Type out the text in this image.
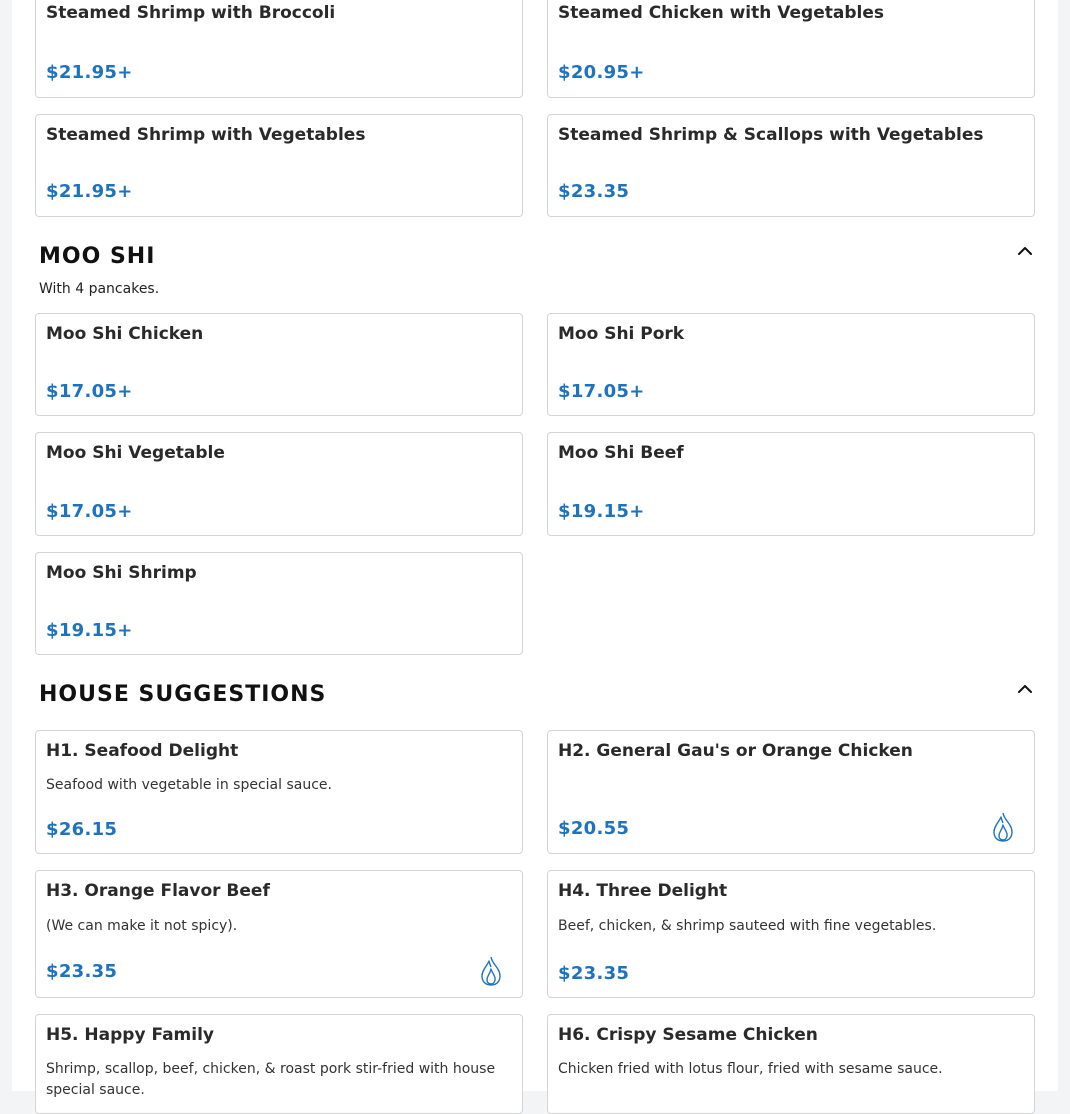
Steamed Shrimp with Broccoli
$21.95+
Steamed Chicken with Vegetables
$20.95+
Steamed Shrimp with Vegetables
$21.95+
Steamed Shrimp & Scallops with Vegetables
$23.35
MOO SHI
With 4 pancakes.
Moo Shi Chicken
$17.05+
Moo Shi Pork
$17.05+
Moo Shi Vegetable
$17.05+
Moo Shi Beef
$19.15+
Moo Shi Shrimp
$19.15+
HOUSE SUGGESTIONS
H1. Seafood Delight
Seafood with vegetable in special sauce.
$26.15
H2. General Gau's or Orange Chicken
$20.55
H3. Orange Flavor Beef
(We can make it not spicy).
$23.35
H4. Three Delight
Beef, chicken, & shrimp sauteed with fine vegetables.
$23.35
H5. Happy Family
Shrimp, scallop, beef, chicken, & roast pork stir-fried with house special sauce.
H6. Crispy Sesame Chicken
Chicken fried with lotus flour, fried with sesame sauce.
